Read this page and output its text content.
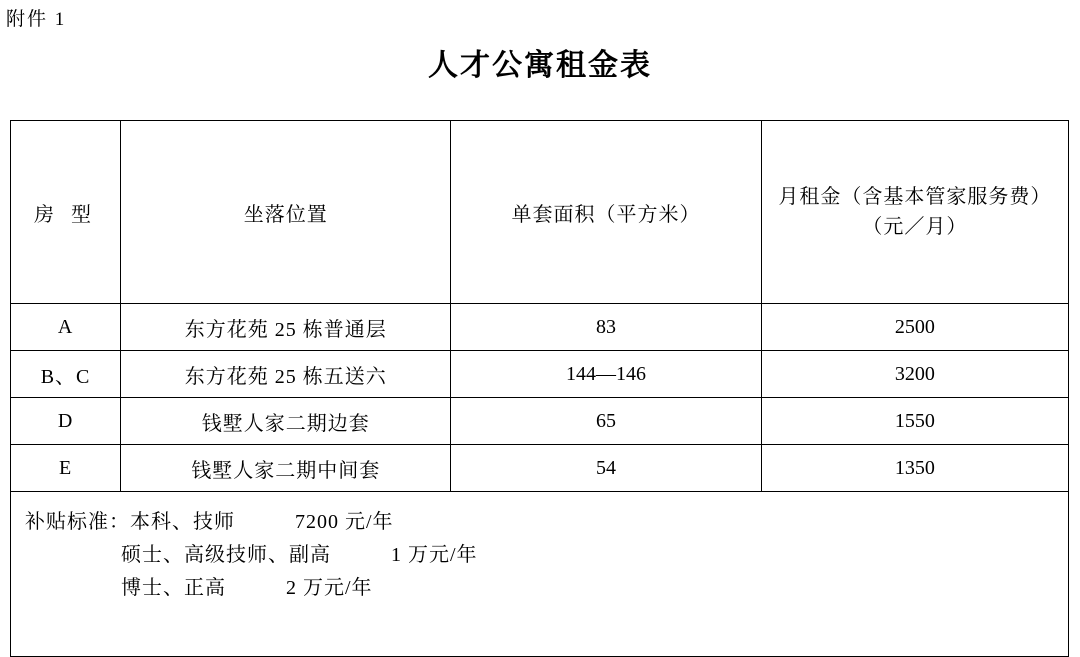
附件 1
人才公寓租金表
房 型	坐落位置	单套面积（平方米）	月租金（含基本管家服务费）
（元／月）

A	东方花苑 25 栋普通层	83	2500
B、C	东方花苑 25 栋五送六	144—146	3200
D	钱墅人家二期边套	65	1550
E	钱墅人家二期中间套	54	1350

补贴标准：本科、技师 7200 元/年
硕士、高级技师、副高 1 万元/年
博士、正高 2 万元/年			
